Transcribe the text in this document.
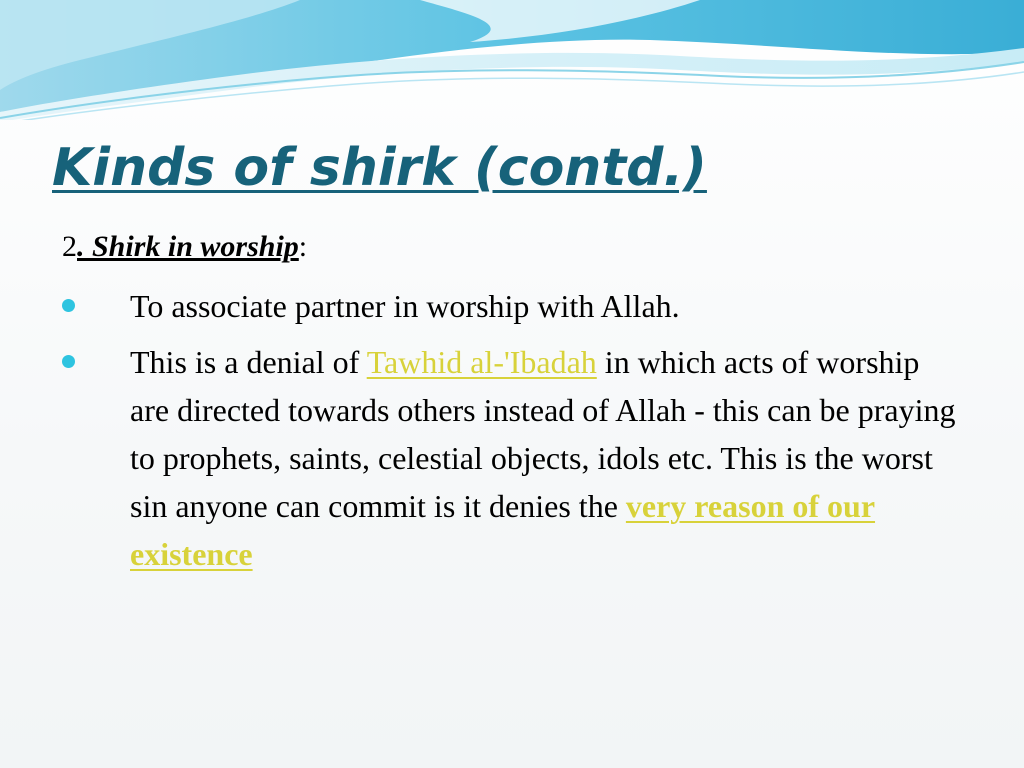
Kinds of shirk (contd.)
2. Shirk in worship:
To associate partner in worship with Allah.
This is a denial of Tawhid al-'Ibadah in which acts of worship are directed towards others instead of Allah - this can be praying to prophets, saints, celestial objects, idols etc. This is the worst sin anyone can commit is it denies the very reason of our existence
